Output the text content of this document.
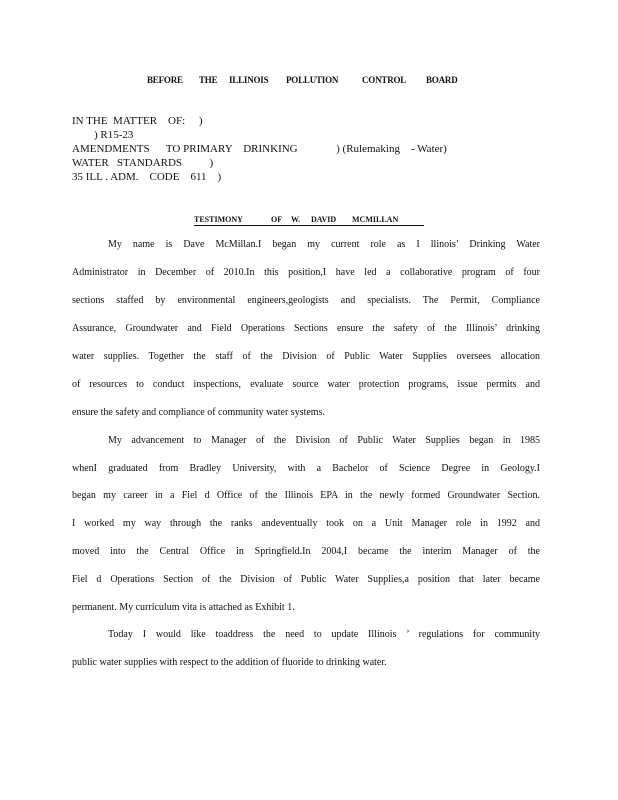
BEFORE THE ILLINOIS POLLUTION	CONTROL BOARD
IN THE  MATTER    OF:     )
) R15-23
AMENDMENTS      TO PRIMARY    DRINKING              ) (Rulemaking    - Water)
WATER   STANDARDS          )
35 ILL . ADM.    CODE    611    )
TESTIMONY	OF W. DAVID MCMILLAN
My name is Dave McMillan.I began my current role as I llinois’ Drinking Water
Administrator in December of 2010.In this position,I have led a collaborative program of four
sections staffed by environmental engineers,geologists and specialists. The Permit, Compliance
Assurance, Groundwater and Field Operations Sections ensure the safety of the Illinois’ drinking
water supplies. Together the staff of the Division of Public Water Supplies oversees allocation
of resources to conduct inspections, evaluate source water protection programs, issue permits and
ensure the safety and compliance of community water systems.
My advancement to Manager of the Division of Public Water Supplies began in 1985
whenI graduated from Bradley University, with a Bachelor of Science Degree in Geology.I
began my career in a Fiel d Office of the Illinois EPA in the newly formed Groundwater Section.
I worked my way through the ranks andeventually took on a Unit Manager role in 1992 and
moved into the Central Office in Springfield.In 2004,I became the interim Manager of the
Fiel d Operations Section of the Division of Public Water Supplies,a position that later became
permanent. My curriculum vita is attached as Exhibit 1.
Today I would like toaddress the need to update Illinois ’ regulations for community
public water supplies with respect to the addition of fluoride to drinking water.
